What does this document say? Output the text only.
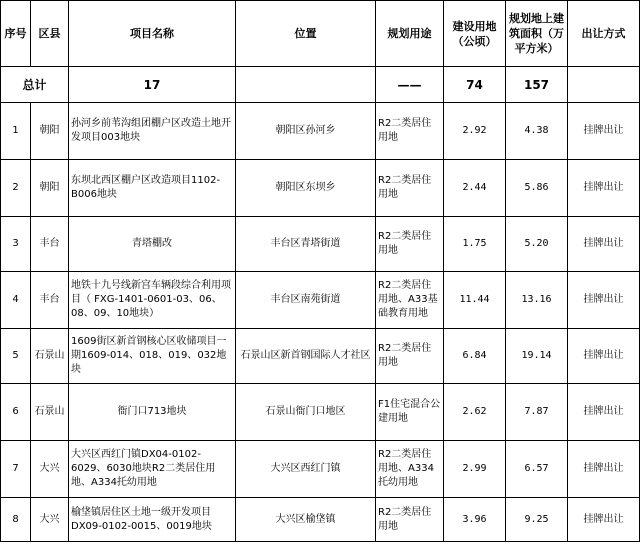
序号	区县	项目名称	位置	规划用途	建设用地（公顷）	规划地上建筑面积（万平方米）	出让方式
总计		17		——	74	157	
1	朝阳	孙河乡前苇沟组团棚户区改造土地开发项目003地块	朝阳区孙河乡	R2二类居住用地	2.92	4.38	挂牌出让
2	朝阳	东坝北西区棚户区改造项目1102-B006地块	朝阳区东坝乡	R2二类居住用地	2.44	5.86	挂牌出让
3	丰台	青塔棚改	丰台区青塔街道	R2二类居住用地	1.75	5.20	挂牌出让
4	丰台	地铁十九号线新宫车辆段综合利用项目（ FXG-1401-0601-03、06、08、09、10地块）	丰台区南苑街道	R2二类居住用地、A33基础教育用地	11.44	13.16	挂牌出让
5	石景山	1609街区新首钢核心区收储项目一期1609-014、018、019、032地块	石景山区新首钢国际人才社区	R2二类居住用地	6.84	19.14	挂牌出让
6	石景山	衙门口713地块	石景山衙门口地区	F1住宅混合公建用地	2.62	7.87	挂牌出让
7	大兴	大兴区西红门镇DX04-0102-6029、6030地块R2二类居住用地、A334托幼用地	大兴区西红门镇	R2二类居住用地、A334托幼用地	2.99	6.57	挂牌出让
8	大兴	榆垡镇居住区土地一级开发项目DX09-0102-0015、0019地块	大兴区榆垡镇	R2二类居住用地	3.96	9.25	挂牌出让
